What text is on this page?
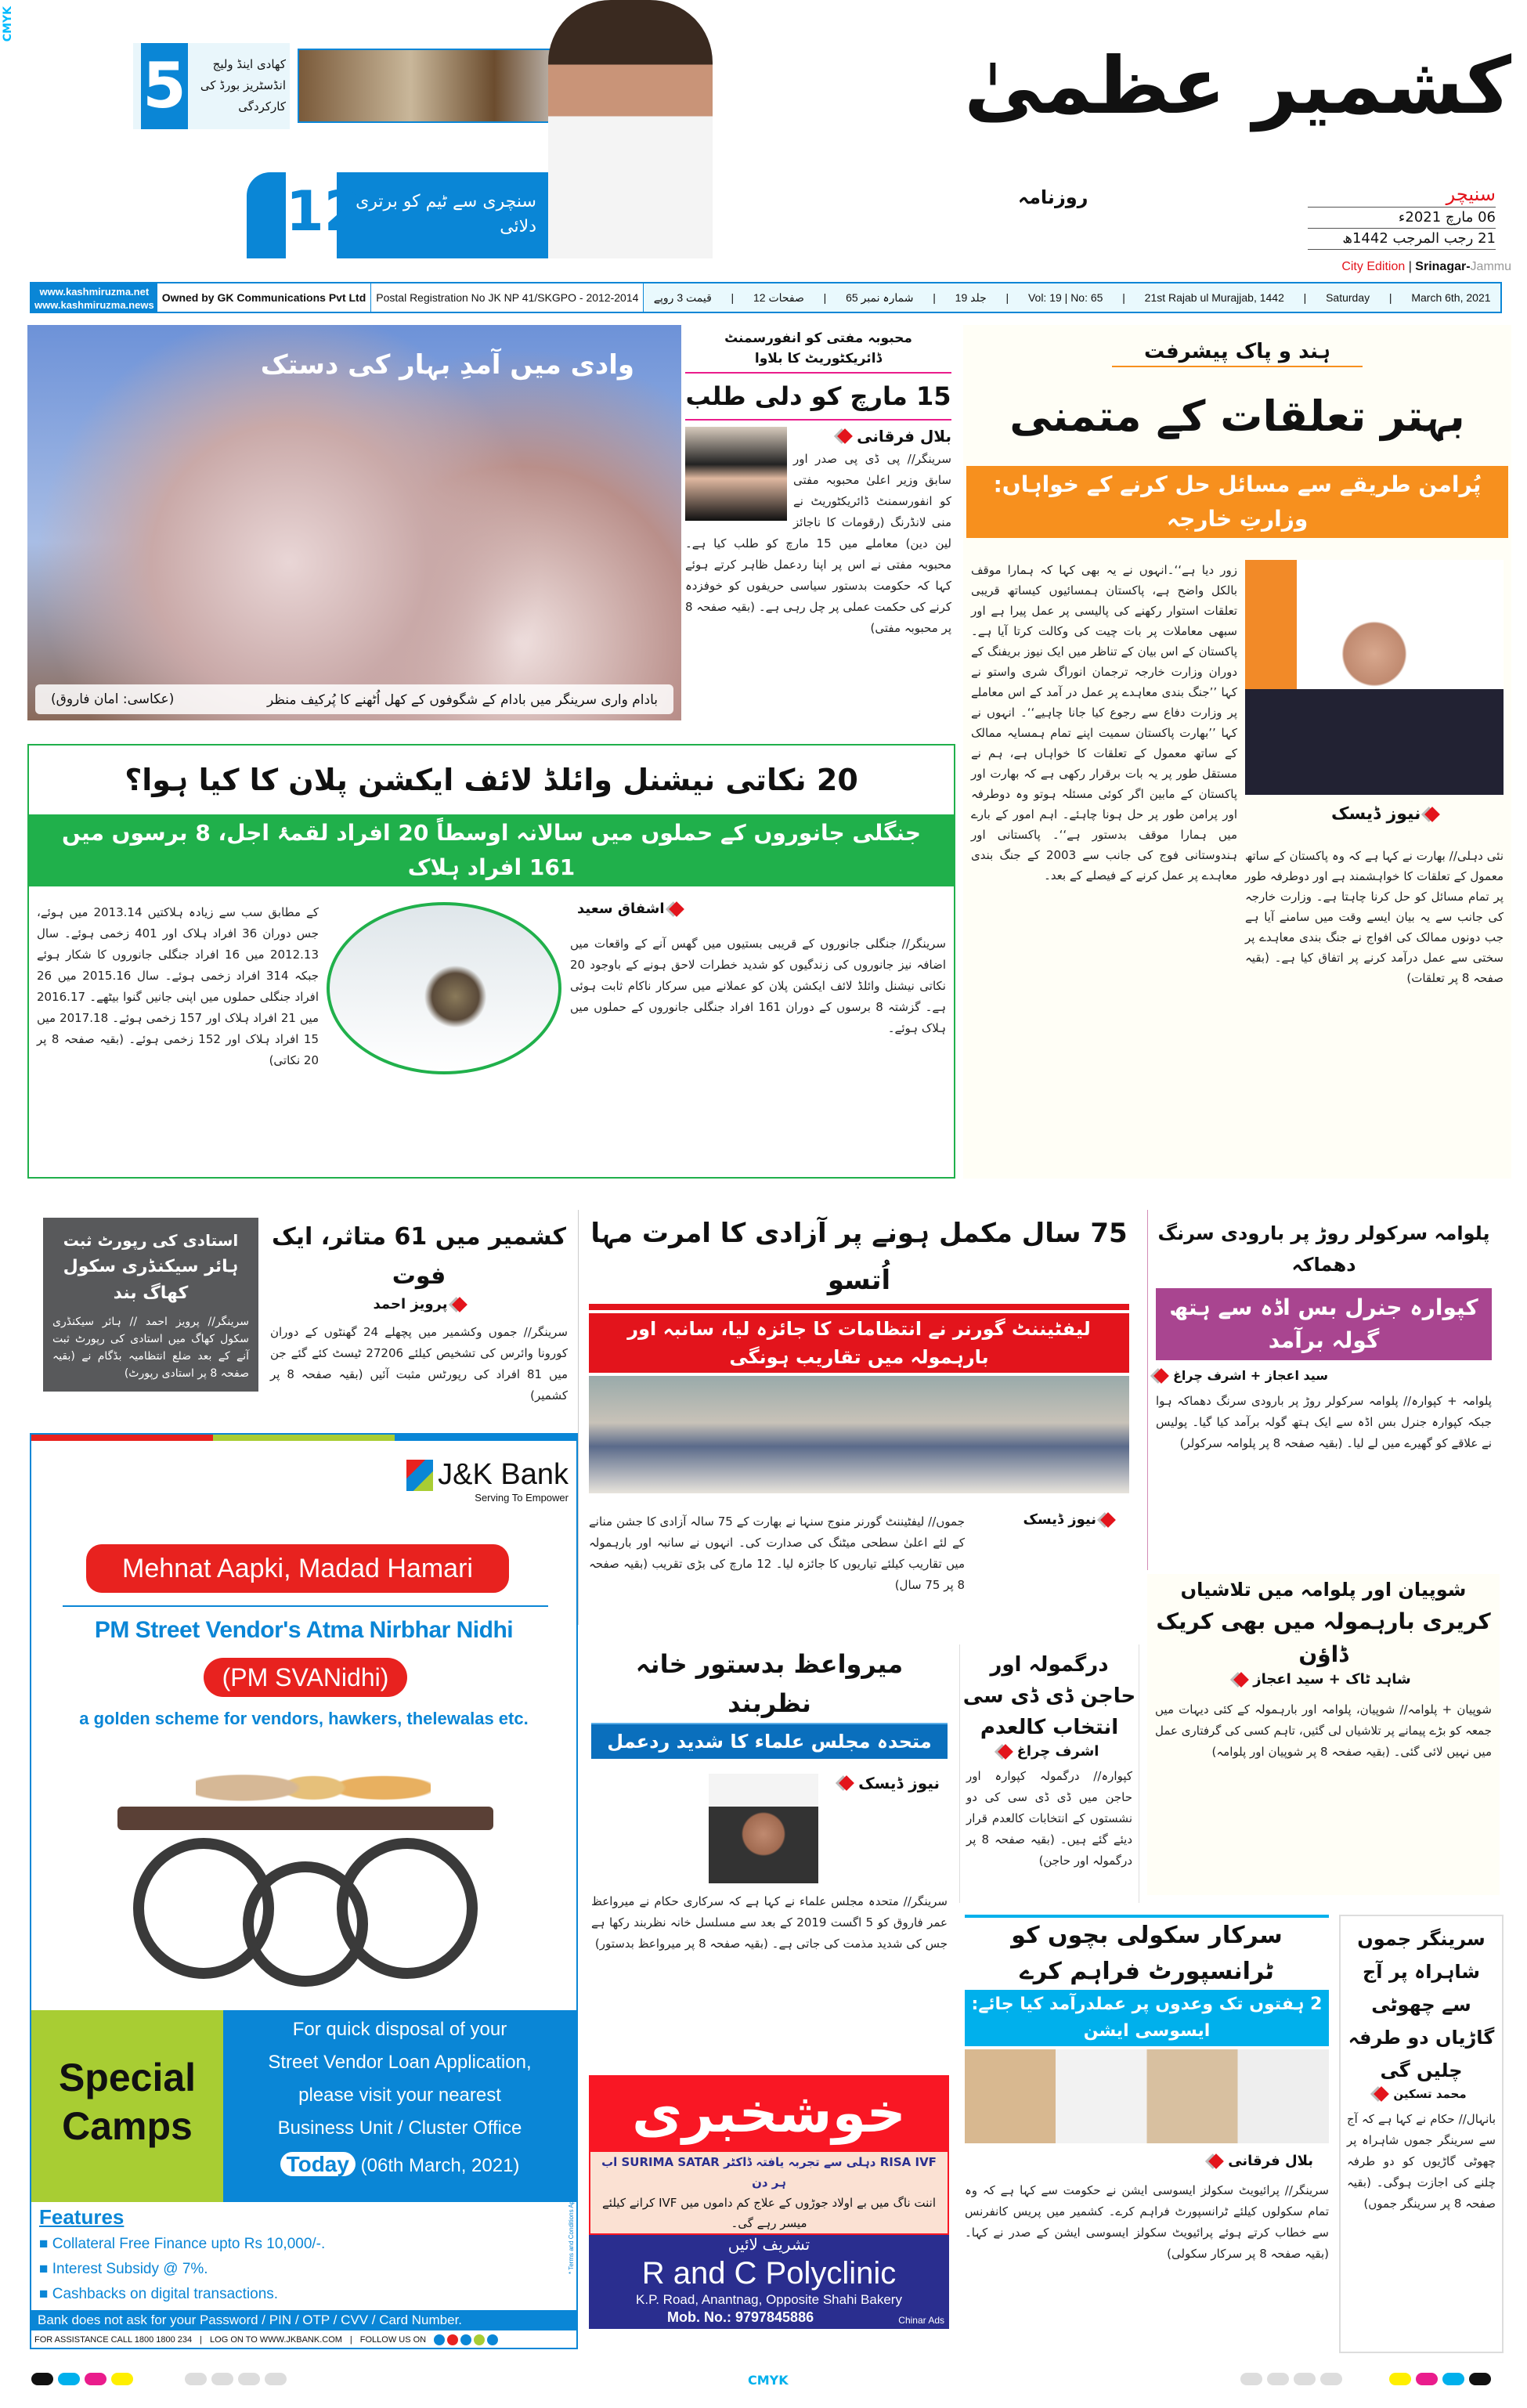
CMYK
5	کھادی اینڈ ولیج انڈسٹریز بورڈ کی کارکردگی
12
سنچری سے ٹیم کو برتری دلائی
کشمیر عظمیٰ
روزنامہ	سنیچر
06 مارچ 2021ء
21 رجب المرجب 1442ھ
City Edition | Srinagar-Jammu
www.kashmiruzma.net
www.kashmiruzma.news
Owned by GK Communications Pvt Ltd Postal Registration No JK NP 41/SKGPO - 2012-2014	قیمت 3 روپے | 12 صفحات | 65 شمارہ نمبر | 19 جلد | Vol: 19 | No: 65 | 21st Rajab ul Murajjab, 1442 | Saturday | March 6th, 2021
وادی میں آمدِ بہار کی دستک
بادام واری سرینگر میں بادام کے شگوفوں کے کھل اُٹھنے کا پُرکیف منظر
(عکاسی: امان فاروق)
محبوبہ مفتی کو انفورسمنٹ ڈائریکٹوریٹ کا بلاوا
15 مارچ کو دلی طلب
بلال فرقانی
سرینگر// پی ڈی پی صدر اور سابق وزیر اعلیٰ محبوبہ مفتی کو انفورسمنٹ ڈائریکٹوریٹ نے منی لانڈرنگ (رقومات کا ناجائز لین دین) معاملے میں 15 مارچ کو طلب کیا ہے۔ محبوبہ مفتی نے اس پر اپنا ردعمل ظاہر کرتے ہوئے کہا کہ حکومت بدستور سیاسی حریفوں کو خوفزدہ کرنے کی حکمت عملی پر چل رہی ہے۔ (بقیہ صفحہ 8 پر محبوبہ مفتی)
ہند و پاک پیشرفت
بہتر تعلقات کے متمنی
پُرامن طریقے سے مسائل حل کرنے کے خواہاں: وزارتِ خارجہ
نیوز ڈیسک
زور دیا ہے‘‘۔انہوں نے یہ بھی کہا کہ ہمارا موقف بالکل واضح ہے، پاکستان ہمسائیوں کیساتھ قریبی تعلقات استوار رکھنے کی پالیسی پر عمل پیرا ہے اور سبھی معاملات پر بات چیت کی وکالت کرتا آیا ہے۔ پاکستان کے اس بیان کے تناظر میں ایک نیوز بریفنگ کے دوران وزارت خارجہ ترجمان انوراگ شری واستو نے کہا ’’جنگ بندی معاہدے پر عمل در آمد کے اس معاملے پر وزارت دفاع سے رجوع کیا جانا چاہیے‘‘۔ انہوں نے کہا ’’بھارت پاکستان سمیت اپنے تمام ہمسایہ ممالک کے ساتھ معمول کے تعلقات کا خواہاں ہے، ہم نے مستقل طور پر یہ بات برقرار رکھی ہے کہ بھارت اور پاکستان کے مابین اگر کوئی مسئلہ ہوتو وہ دوطرفہ اور پرامن طور پر حل ہونا چاہئے۔ اہم امور کے بارے میں ہمارا موقف بدستور ہے‘‘۔ پاکستانی اور ہندوستانی فوج کی جانب سے 2003 کے جنگ بندی معاہدے پر عمل کرنے کے فیصلے کے بعد۔
نئی دہلی// بھارت نے کہا ہے کہ وہ پاکستان کے ساتھ معمول کے تعلقات کا خواہشمند ہے اور دوطرفہ طور پر تمام مسائل کو حل کرنا چاہتا ہے۔ وزارت خارجہ کی جانب سے یہ بیان ایسے وقت میں سامنے آیا ہے جب دونوں ممالک کی افواج نے جنگ بندی معاہدے پر سختی سے عمل درآمد کرنے پر اتفاق کیا ہے۔ (بقیہ صفحہ 8 پر تعلقات)
20 نکاتی نیشنل وائلڈ لائف ایکشن پلان کا کیا ہوا؟
جنگلی جانوروں کے حملوں میں سالانہ اوسطاً 20 افراد لقمۂ اجل، 8 برسوں میں 161 افراد ہلاک
اشفاق سعید
سرینگر// جنگلی جانوروں کے قریبی بستیوں میں گھس آنے کے واقعات میں اضافہ نیز جانوروں کی زندگیوں کو شدید خطرات لاحق ہونے کے باوجود 20 نکاتی نیشنل وائلڈ لائف ایکشن پلان کو عملانے میں سرکار ناکام ثابت ہوئی ہے۔ گزشتہ 8 برسوں کے دوران 161 افراد جنگلی جانوروں کے حملوں میں ہلاک ہوئے۔
کے مطابق سب سے زیادہ ہلاکتیں 2013.14 میں ہوئے، جس دوران 36 افراد ہلاک اور 401 زخمی ہوئے۔ سال 2012.13 میں 16 افراد جنگلی جانوروں کا شکار ہوئے جبکہ 314 افراد زخمی ہوئے۔ سال 2015.16 میں 26 افراد جنگلی حملوں میں اپنی جانیں گنوا بیٹھے۔ 2016.17 میں 21 افراد ہلاک اور 157 زخمی ہوئے۔ 2017.18 میں 15 افراد ہلاک اور 152 زخمی ہوئے۔ (بقیہ صفحہ 8 پر 20 نکاتی)
استادی کی رپورٹ ثبت
ہائر سیکنڈری سکول کھاگ بند
سرینگر// پرویز احمد // ہائر سیکنڈری سکول کھاگ میں استادی کی رپورٹ ثبت آنے کے بعد ضلع انتظامیہ بڈگام نے (بقیہ صفحہ 8 پر استادی رپورٹ)
کشمیر میں 61 متاثر، ایک فوت
پرویز احمد
سرینگر// جموں وکشمیر میں پچھلے 24 گھنٹوں کے دوران کورونا وائرس کی تشخیص کیلئے 27206 ٹیسٹ کئے گئے جن میں 81 افراد کی رپورٹس مثبت آئیں (بقیہ صفحہ 8 پر کشمیر)
75 سال مکمل ہونے پر آزادی کا امرت مہا اُتسو
لیفٹیننٹ گورنر نے انتظامات کا جائزہ لیا، سانبہ اور بارہمولہ میں تقاریب ہونگی
نیوز ڈیسک
جموں// لیفٹیننٹ گورنر منوج سنہا نے بھارت کے 75 سالہ آزادی کا جشن منانے کے لئے اعلیٰ سطحی میٹنگ کی صدارت کی۔ انہوں نے سانبہ اور بارہمولہ میں تقاریب کیلئے تیاریوں کا جائزہ لیا۔ 12 مارچ کی بڑی تقریب (بقیہ صفحہ 8 پر 75 سال)
پلوامہ سرکولر روڑ پر بارودی سرنگ دھماکہ
کپوارہ جنرل بس اڈہ سے ہتھ گولہ برآمد
سید اعجاز + اشرف چراغ
پلوامہ + کپوارہ// پلوامہ سرکولر روڑ پر بارودی سرنگ دھماکہ ہوا جبکہ کپوارہ جنرل بس اڈہ سے ایک ہتھ گولہ برآمد کیا گیا۔ پولیس نے علاقے کو گھیرے میں لے لیا۔ (بقیہ صفحہ 8 پر پلوامہ سرکولر)
شوپیان اور پلوامہ میں تلاشیاں
کریری بارہمولہ میں بھی کریک ڈاؤن
شاہد ٹاک + سید اعجاز
شوپیان + پلوامہ// شوپیان، پلوامہ اور بارہمولہ کے کئی دیہات میں جمعہ کو بڑے پیمانے پر تلاشیاں لی گئیں، تاہم کسی کی گرفتاری عمل میں نہیں لائی گئی۔ (بقیہ صفحہ 8 پر شوپیان اور پلوامہ)
J&K Bank
Serving To Empower
Mehnat Aapki, Madad Hamari
PM Street Vendor's Atma Nirbhar Nidhi
(PM SVANidhi)
a golden scheme for vendors, hawkers, thelewalas etc.
Special Camps
For quick disposal of your
Street Vendor Loan Application,
please visit your nearest
Business Unit / Cluster Office
Today (06th March, 2021)
Features
■ Collateral Free Finance upto Rs 10,000/-.
■ Interest Subsidy @ 7%.
■ Cashbacks on digital transactions.
* Terms and Conditions Apply.
Bank does not ask for your Password / PIN / OTP / CVV / Card Number.
FOR ASSISTANCE CALL 1800 1800 234 | LOG ON TO WWW.JKBANK.COM | FOLLOW US ON
میرواعظ بدستور خانہ نظربند
متحدہ مجلس علماء کا شدید ردعمل
نیوز ڈیسک
سرینگر// متحدہ مجلس علماء نے کہا ہے کہ سرکاری حکام نے میرواعظ عمر فاروق کو 5 اگست 2019 کے بعد سے مسلسل خانہ نظربند رکھا ہے جس کی شدید مذمت کی جاتی ہے۔ (بقیہ صفحہ 8 پر میرواعظ بدستور)
درگمولہ اور حاجن ڈی ڈی سی انتخاب کالعدم
اشرف چراغ
کپوارہ// درگمولہ کپوارہ اور حاجن میں ڈی ڈی سی کی دو نشستوں کے انتخابات کالعدم قرار دیئے گئے ہیں۔ (بقیہ صفحہ 8 پر درگمولہ اور حاجن)
خوشخبری
RISA IVF دہلی سے تجربہ یافتہ ڈاکٹر SURIMA SATAR اب ہر دن
اننت ناگ میں بے اولاد جوڑوں کے علاج کم داموں میں IVF کرانے کیلئے میسر رہے گی۔
تشریف لائیں
R and C Polyclinic
K.P. Road, Anantnag, Opposite Shahi Bakery
Mob. No.: 9797845886	Chinar Ads
سرکار سکولی بچوں کو ٹرانسپورٹ فراہم کرے
2 ہفتوں تک وعدوں پر عملدرآمد کیا جائے: ایسوسی ایشن
بلال فرقانی
سرینگر// پرائیویٹ سکولز ایسوسی ایشن نے حکومت سے کہا ہے کہ وہ تمام سکولوں کیلئے ٹرانسپورٹ فراہم کرے۔ کشمیر میں پریس کانفرنس سے خطاب کرتے ہوئے پرائیویٹ سکولز ایسوسی ایشن کے صدر نے کہا۔ (بقیہ صفحہ 8 پر سرکار سکولی)
سرینگر جموں شاہراہ پر آج سے چھوٹی گاڑیاں دو طرفہ چلیں گی
محمد تسکین
بانہال// حکام نے کہا ہے کہ آج سے سرینگر جموں شاہراہ پر چھوٹی گاڑیوں کو دو طرفہ چلنے کی اجازت ہوگی۔ (بقیہ صفحہ 8 پر سرینگر جموں)
CMYK
